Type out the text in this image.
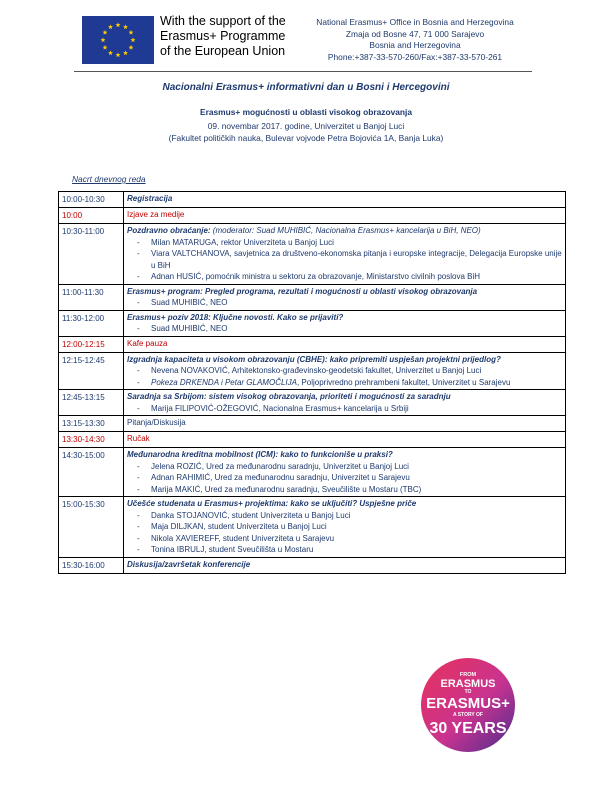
With the support of the
Erasmus+ Programme
of the European Union
National Erasmus+ Office in Bosnia and Herzegovina
Zmaja od Bosne 47, 71 000 Sarajevo
Bosnia and Herzegovina
Phone:+387-33-570-260/Fax:+387-33-570-261
Nacionalni Erasmus+ informativni dan u Bosni i Hercegovini
Erasmus+ mogućnosti u oblasti visokog obrazovanja
09. novembar 2017. godine, Univerzitet u Banjoj Luci
(Fakultet političkih nauka, Bulevar vojvode Petra Bojovića 1A, Banja Luka)
Nacrt dnevnog reda
10:00-10:30	Registracija

10:00	Izjave za medije

10:30-11:00	Pozdravno obraćanje: (moderator: Suad MUHIBIĆ, Nacionalna Erasmus+ kancelarija u BiH, NEO)
- Milan MATARUGA, rektor Univerziteta u Banjoj Luci
- Viara VALTCHANOVA, savjetnica za društveno-ekonomska pitanja i europske integracije, Delegacija Europske unije u BiH
- Adnan HUSIĆ, pomoćnik ministra u sektoru za obrazovanje, Ministarstvo civilnih poslova BiH

11:00-11:30	Erasmus+ program: Pregled programa, rezultati i mogućnosti u oblasti visokog obrazovanja
- Suad MUHIBIĆ, NEO

11:30-12:00	Erasmus+ poziv 2018: Ključne novosti. Kako se prijaviti?
- Suad MUHIBIĆ, NEO

12:00-12:15	Kafe pauza

12:15-12:45	Izgradnja kapaciteta u visokom obrazovanju (CBHE): kako pripremiti uspješan projektni prijedlog?
- Nevena NOVAKOVIĆ, Arhitektonsko-građevinsko-geodetski fakultet, Univerzitet u Banjoj Luci
- Pokeza DRKENDA i Petar GLAMOČLIJA, Poljoprivredno prehrambeni fakultet, Univerzitet u Sarajevu

12:45-13:15	Saradnja sa Srbijom: sistem visokog obrazovanja, prioriteti i mogućnosti za saradnju
- Marija FILIPOVIĆ-OŽEGOVIĆ, Nacionalna Erasmus+ kancelarija u Srbiji

13:15-13:30	Pitanja/Diskusija

13:30-14:30	Ručak

14:30-15:00	Međunarodna kreditna mobilnost (ICM): kako to funkcioniše u praksi?
- Jelena ROZIĆ, Ured za međunarodnu saradnju, Univerzitet u Banjoj Luci
- Adnan RAHIMIĆ, Ured za međunarodnu saradnju, Univerzitet u Sarajevu
- Marija MAKIĆ, Ured za međunarodnu saradnju, Sveučilište u Mostaru (TBC)

15:00-15:30	Učešće studenata u Erasmus+ projektima: kako se uključiti? Uspješne priče
- Danka STOJANOVIĆ, student Univerziteta u Banjoj Luci
- Maja DILJKAN, student Univerziteta u Banjoj Luci
- Nikola XAVIEREFF, student Univerziteta u Sarajevu
- Tonina IBRULJ, student Sveučilišta u Mostaru

15:30-16:00	Diskusija/završetak konferencije
FROM
ERASMUS
TO
ERASMUS+
A STORY OF
30 YEARS
